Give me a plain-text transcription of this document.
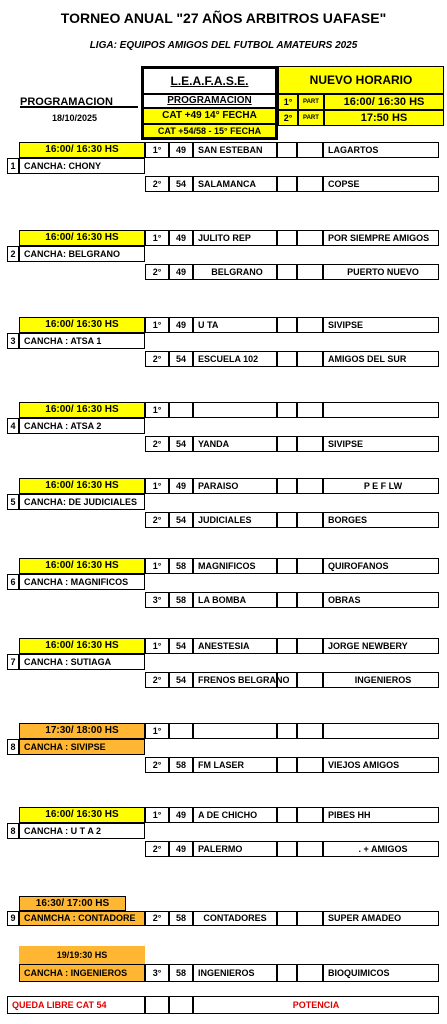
TORNEO ANUAL "27 AÑOS ARBITROS UAFASE"
LIGA: EQUIPOS AMIGOS DEL FUTBOL AMATEURS 2025
L.E.A.F.A.S.E.	NUEVO HORARIO
PROGRAMACION
18/10/2025
PROGRAMACION
CAT +49 14° FECHA
CAT +54/58 - 15° FECHA
1°	PART	16:00/ 16:30 HS
2°	PART	17:50 HS
16:00/ 16:30 HS
1 CANCHA: CHONY
1°	49	SAN ESTEBAN	LAGARTOS
2°	54	SALAMANCA	COPSE
16:00/ 16:30 HS
2 CANCHA: BELGRANO
1°	49	JULITO REP	POR SIEMPRE AMIGOS
2°	49	BELGRANO	PUERTO NUEVO
16:00/ 16:30 HS
3 CANCHA : ATSA 1
1°	49	U TA	SIVIPSE
2°	54	ESCUELA 102	AMIGOS DEL SUR
16:00/ 16:30 HS
4 CANCHA : ATSA 2
1°
2°	54	YANDA	SIVIPSE
16:00/ 16:30 HS
5 CANCHA: DE JUDICIALES
1°	49	PARAISO	P E F LW
2°	54	JUDICIALES	BORGES
16:00/ 16:30 HS
6 CANCHA : MAGNIFICOS
1°	58	MAGNIFICOS	QUIROFANOS
3°	58	LA BOMBA	OBRAS
16:00/ 16:30 HS
7 CANCHA : SUTIAGA
1°	54	ANESTESIA	JORGE NEWBERY
2°	54	FRENOS BELGRANO	INGENIEROS
17:30/ 18:00 HS
8 CANCHA : SIVIPSE
1°
2°	58	FM LASER	VIEJOS AMIGOS
16:00/ 16:30 HS
8 CANCHA : U T A 2
1°	49	A DE CHICHO	PIBES HH
2°	49	PALERMO	. + AMIGOS
16:30/ 17:00 HS
9 CANMCHA : CONTADORE	2°	58	CONTADORES	SUPER AMADEO
19/19:30 HS
CANCHA : INGENIEROS	3°	58	INGENIEROS	BIOQUIMICOS
QUEDA LIBRE CAT 54	POTENCIA
